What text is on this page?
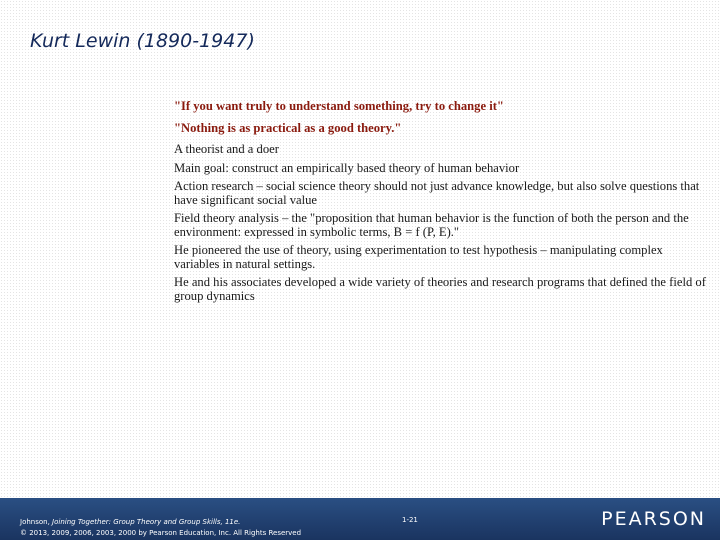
Kurt Lewin (1890-1947)

"If you want truly to understand something, try to change it"

"Nothing is as practical as a good theory."

A theorist and a doer

Main goal: construct an empirically based theory of human behavior

Action research – social science theory should not just advance knowledge, but also solve questions that have significant social value

Field theory analysis – the "proposition that human behavior is the function of both the person and the environment: expressed in symbolic terms, B = f (P, E)."

He pioneered the use of theory, using experimentation to test hypothesis – manipulating complex variables in natural settings.

He and his associates developed a wide variety of theories and research programs that defined the field of group dynamics

Johnson, Joining Together: Group Theory and Group Skills, 11e.
© 2013, 2009, 2006, 2003, 2000 by Pearson Education, Inc. All Rights Reserved
1-21	PEARSON
